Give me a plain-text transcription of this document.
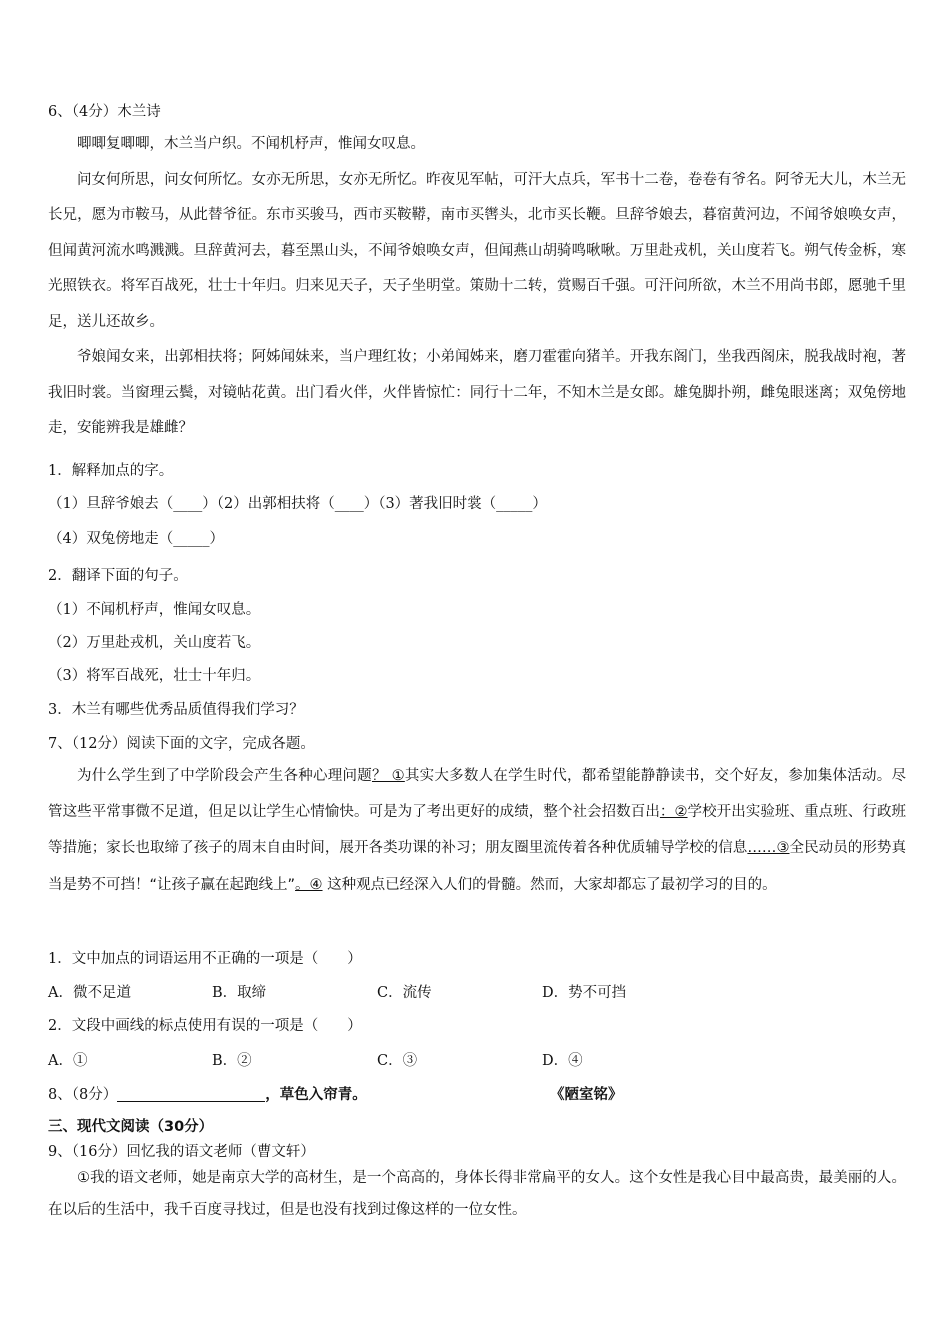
6、（4分）木兰诗
唧唧复唧唧，木兰当户织。不闻机杼声，惟闻女叹息。
问女何所思，问女何所忆。女亦无所思，女亦无所忆。昨夜见军帖，可汗大点兵，军书十二卷，卷卷有爷名。阿爷无大儿，木兰无长兄，愿为市鞍马，从此替爷征。东市买骏马，西市买鞍鞯，南市买辔头，北市买长鞭。旦辞爷娘去，暮宿黄河边，不闻爷娘唤女声，但闻黄河流水鸣溅溅。旦辞黄河去，暮至黑山头，不闻爷娘唤女声，但闻燕山胡骑鸣啾啾。万里赴戎机，关山度若飞。朔气传金柝，寒光照铁衣。将军百战死，壮士十年归。归来见天子，天子坐明堂。策勋十二转，赏赐百千强。可汗问所欲，木兰不用尚书郎，愿驰千里足，送儿还故乡。
爷娘闻女来，出郭相扶将；阿姊闻妹来，当户理红妆；小弟闻姊来，磨刀霍霍向猪羊。开我东阁门，坐我西阁床，脱我战时袍，著我旧时裳。当窗理云鬓，对镜帖花黄。出门看火伴，火伴皆惊忙：同行十二年，不知木兰是女郎。雄兔脚扑朔，雌兔眼迷离；双兔傍地走，安能辨我是雄雌？
1．解释加点的字。
（1）旦辞爷娘去（____）（2）出郭相扶将（____）（3）著我旧时裳（_____）
（4）双兔傍地走（_____）
2．翻译下面的句子。
（1）不闻机杼声，惟闻女叹息。
（2）万里赴戎机，关山度若飞。
（3）将军百战死，壮士十年归。
3．木兰有哪些优秀品质值得我们学习？
7、（12分）阅读下面的文字，完成各题。
为什么学生到了中学阶段会产生各种心理问题？ ①其实大多数人在学生时代，都希望能静静读书，交个好友，参加集体活动。尽管这些平常事微不足道，但足以让学生心情愉快。可是为了考出更好的成绩，整个社会招数百出：②学校开出实验班、重点班、行政班等措施；家长也取缔了孩子的周末自由时间，展开各类功课的补习；朋友圈里流传着各种优质辅导学校的信息……③全民动员的形势真当是势不可挡！“让孩子赢在起跑线上”。④ 这种观点已经深入人们的骨髓。然而，大家却都忘了最初学习的目的。
1．文中加点的词语运用不正确的一项是（　　）
A．微不足道	B．取缔	C．流传	D．势不可挡
2．文段中画线的标点使用有误的一项是（　　）
A．①	B．②	C．③	D．④
8、（8分）	，草色入帘青。	《陋室铭》
三、现代文阅读（30分）
9、（16分）回忆我的语文老师（曹文轩）
①我的语文老师，她是南京大学的高材生，是一个高高的，身体长得非常扁平的女人。这个女性是我心目中最高贵，最美丽的人。在以后的生活中，我千百度寻找过，但是也没有找到过像这样的一位女性。
